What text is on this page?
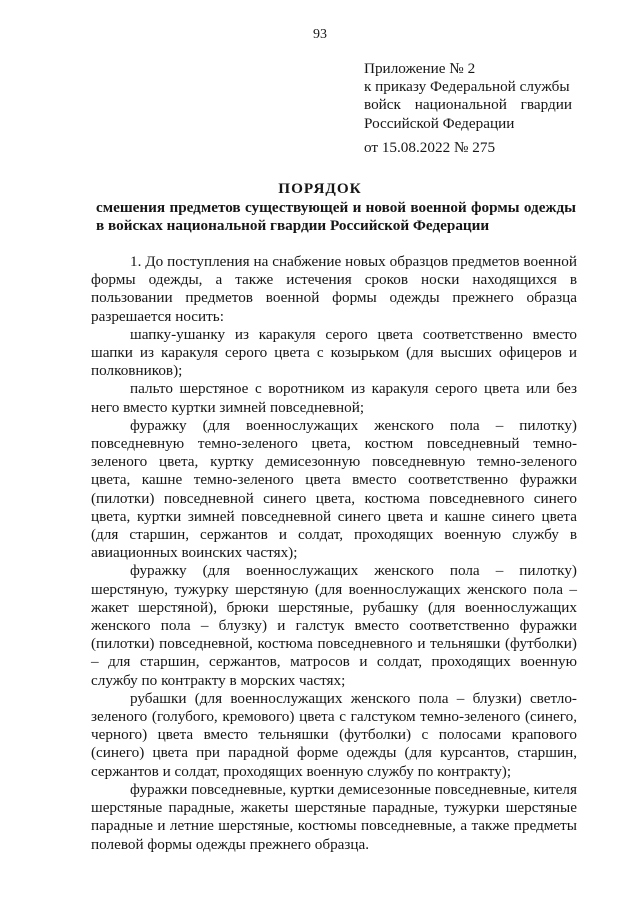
93
Приложение № 2
к приказу Федеральной службы
войск национальной гвардии
Российской Федерации
от 15.08.2022 № 275
ПОРЯДОК
смешения предметов существующей и новой военной формы одежды
в войсках национальной гвардии Российской Федерации

1. До поступления на снабжение новых образцов предметов военной формы одежды, а также истечения сроков носки находящихся в пользовании предметов военной формы одежды прежнего образца разрешается носить:

шапку-ушанку из каракуля серого цвета соответственно вместо шапки из каракуля серого цвета с козырьком (для высших офицеров и полковников);

пальто шерстяное с воротником из каракуля серого цвета или без него вместо куртки зимней повседневной;

фуражку (для военнослужащих женского пола – пилотку) повседневную темно-зеленого цвета, костюм повседневный темно-зеленого цвета, куртку демисезонную повседневную темно-зеленого цвета, кашне темно-зеленого цвета вместо соответственно фуражки (пилотки) повседневной синего цвета, костюма повседневного синего цвета, куртки зимней повседневной синего цвета и кашне синего цвета (для старшин, сержантов и солдат, проходящих военную службу в авиационных воинских частях);

фуражку (для военнослужащих женского пола – пилотку) шерстяную, тужурку шерстяную (для военнослужащих женского пола – жакет шерстяной), брюки шерстяные, рубашку (для военнослужащих женского пола – блузку) и галстук вместо соответственно фуражки (пилотки) повседневной, костюма повседневного и тельняшки (футболки) – для старшин, сержантов, матросов и солдат, проходящих военную службу по контракту в морских частях;

рубашки (для военнослужащих женского пола – блузки) светло-зеленого (голубого, кремового) цвета с галстуком темно-зеленого (синего, черного) цвета вместо тельняшки (футболки) с полосами крапового (синего) цвета при парадной форме одежды (для курсантов, старшин, сержантов и солдат, проходящих военную службу по контракту);

фуражки повседневные, куртки демисезонные повседневные, кителя шерстяные парадные, жакеты шерстяные парадные, тужурки шерстяные парадные и летние шерстяные, костюмы повседневные, а также предметы полевой формы одежды прежнего образца.
